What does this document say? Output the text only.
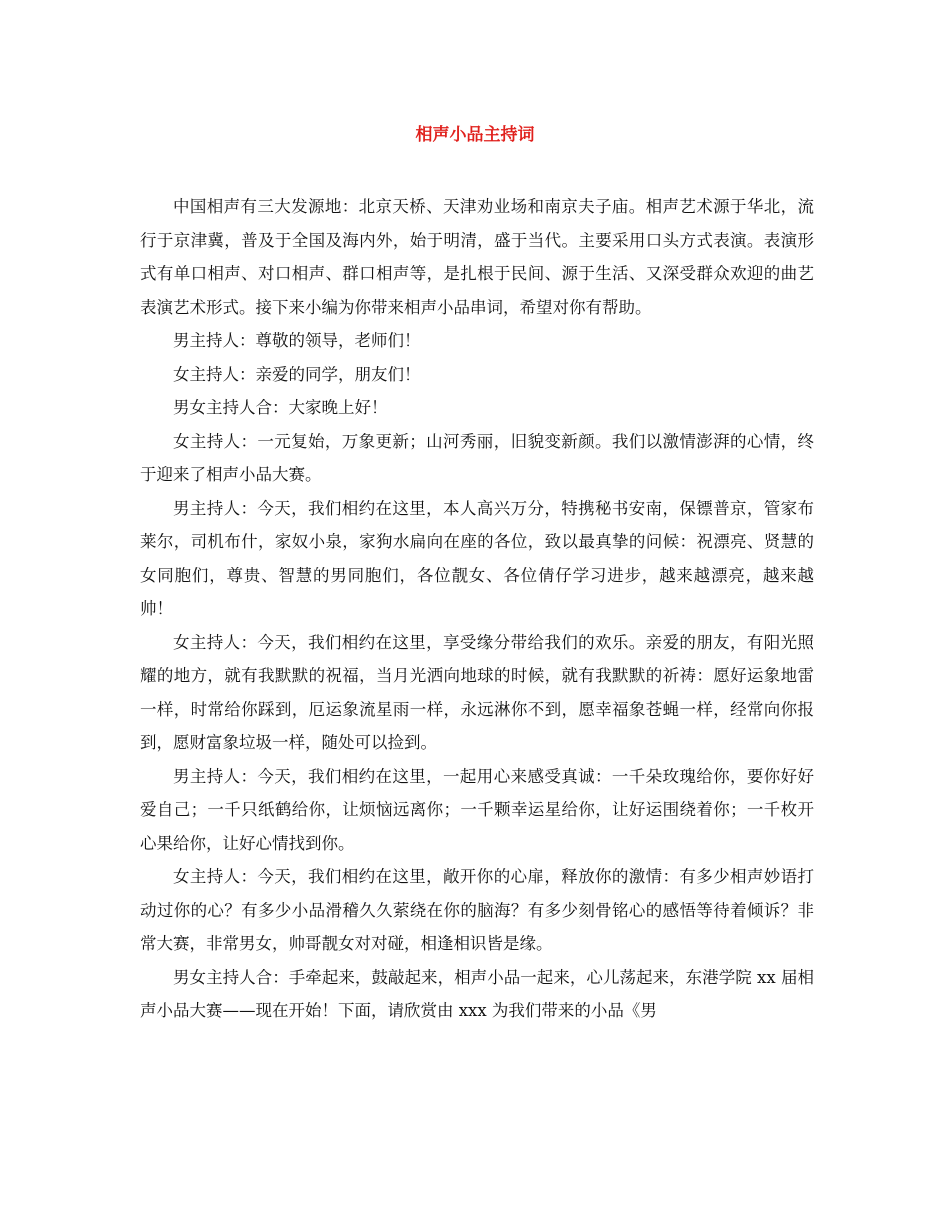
相声小品主持词

中国相声有三大发源地：北京天桥、天津劝业场和南京夫子庙。相声艺术源于华北，流行于京津冀，普及于全国及海内外，始于明清，盛于当代。主要采用口头方式表演。表演形式有单口相声、对口相声、群口相声等，是扎根于民间、源于生活、又深受群众欢迎的曲艺表演艺术形式。接下来小编为你带来相声小品串词，希望对你有帮助。

男主持人：尊敬的领导，老师们！

女主持人：亲爱的同学，朋友们！

男女主持人合：大家晚上好！

女主持人：一元复始，万象更新；山河秀丽，旧貌变新颜。我们以激情澎湃的心情，终于迎来了相声小品大赛。

男主持人：今天，我们相约在这里，本人高兴万分，特携秘书安南，保镖普京，管家布莱尔，司机布什，家奴小泉，家狗水扁向在座的各位，致以最真挚的问候：祝漂亮、贤慧的女同胞们，尊贵、智慧的男同胞们，各位靓女、各位倩仔学习进步，越来越漂亮，越来越帅！

女主持人：今天，我们相约在这里，享受缘分带给我们的欢乐。亲爱的朋友，有阳光照耀的地方，就有我默默的祝福，当月光洒向地球的时候，就有我默默的祈祷：愿好运象地雷一样，时常给你踩到，厄运象流星雨一样，永远淋你不到，愿幸福象苍蝇一样，经常向你报到，愿财富象垃圾一样，随处可以捡到。

男主持人：今天，我们相约在这里，一起用心来感受真诚：一千朵玫瑰给你，要你好好爱自己；一千只纸鹤给你，让烦恼远离你；一千颗幸运星给你，让好运围绕着你；一千枚开心果给你，让好心情找到你。

女主持人：今天，我们相约在这里，敞开你的心扉，释放你的激情：有多少相声妙语打动过你的心？有多少小品滑稽久久萦绕在你的脑海？有多少刻骨铭心的感悟等待着倾诉？非常大赛，非常男女，帅哥靓女对对碰，相逢相识皆是缘。

男女主持人合：手牵起来，鼓敲起来，相声小品一起来，心儿荡起来，东港学院 xx 届相声小品大赛——现在开始！下面，请欣赏由 xxx 为我们带来的小品《男
